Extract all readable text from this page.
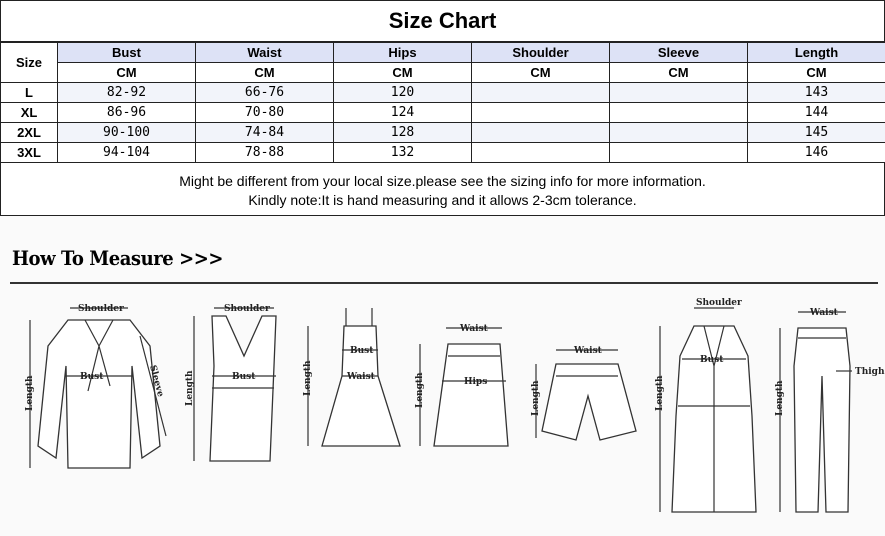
Size Chart
Size	Bust	Waist	Hips	Shoulder	Sleeve	Length
	CM	CM	CM	CM	CM	CM
L	82-92	66-76	120			143
XL	86-96	70-80	124			144
2XL	90-100	74-84	128			145
3XL	94-104	78-88	132			146
Might be different from your local size.please see the sizing info for more information.
Kindly note:It is hand measuring and it allows 2-3cm tolerance.
How To Measure >>>
Shoulder
Bust
Length	Sleeve
Shoulder
Bust
Length
Bust
Waist
Length
Waist
Hips
Length
Waist
Length
Shoulder
Bust
Length
Waist
Thigh
Length
